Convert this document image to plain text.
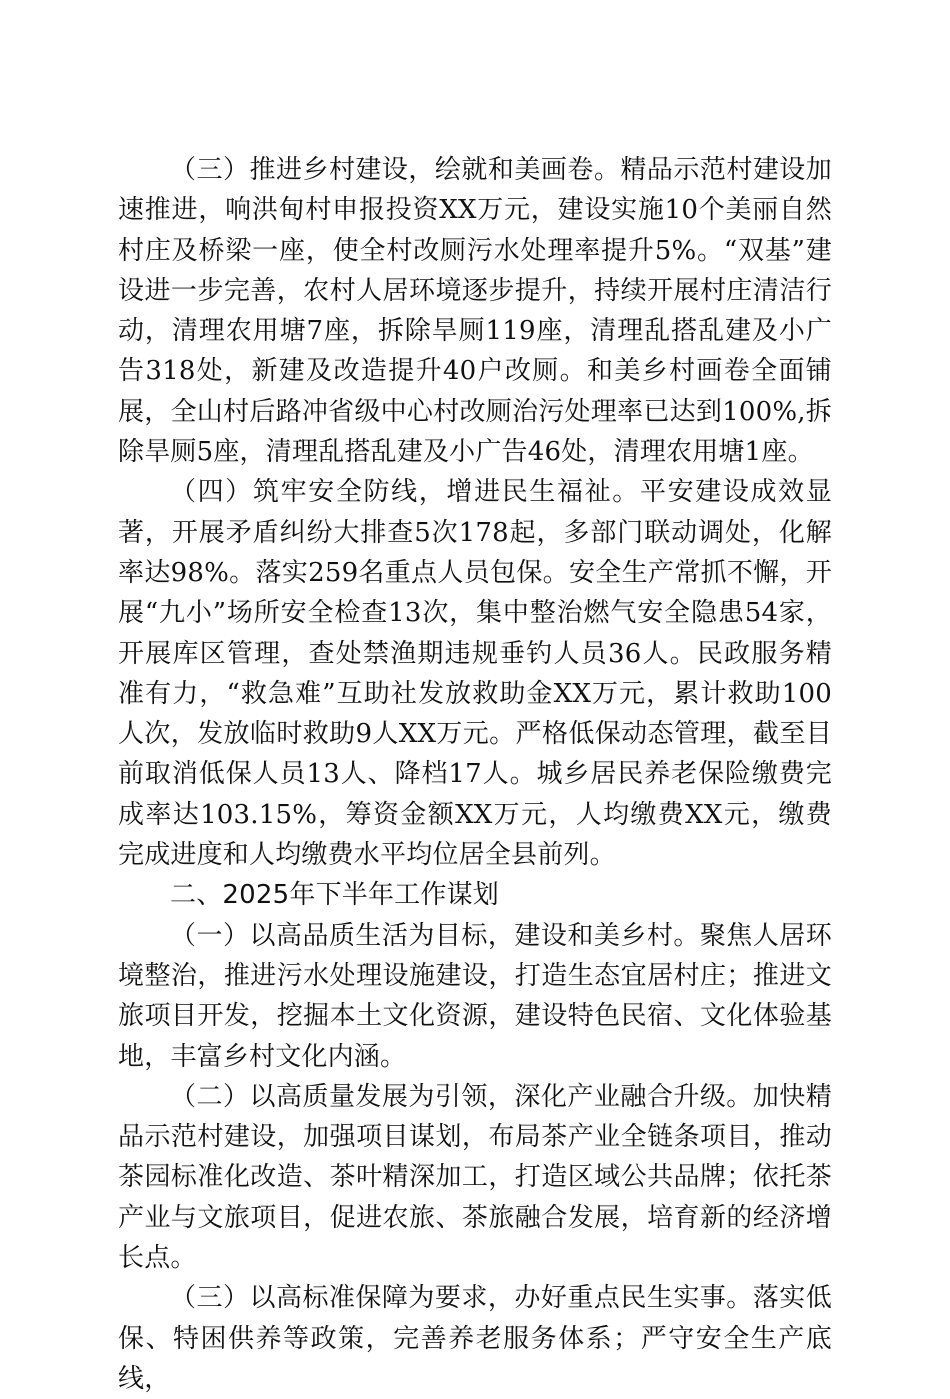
（三）推进乡村建设，绘就和美画卷。精品示范村建设加速推进，响洪甸村申报投资XX万元，建设实施10个美丽自然村庄及桥梁一座，使全村改厕污水处理率提升5%。“双基”建设进一步完善，农村人居环境逐步提升，持续开展村庄清洁行动，清理农用塘7座，拆除旱厕119座，清理乱搭乱建及小广告318处，新建及改造提升40户改厕。和美乡村画卷全面铺展，全山村后路冲省级中心村改厕治污处理率已达到100%,拆除旱厕5座，清理乱搭乱建及小广告46处，清理农用塘1座。

（四）筑牢安全防线，增进民生福祉。平安建设成效显著，开展矛盾纠纷大排查5次178起，多部门联动调处，化解率达98%。落实259名重点人员包保。安全生产常抓不懈，开展“九小”场所安全检查13次，集中整治燃气安全隐患54家，开展库区管理，查处禁渔期违规垂钓人员36人。民政服务精准有力，“救急难”互助社发放救助金XX万元，累计救助100人次，发放临时救助9人XX万元。严格低保动态管理，截至目前取消低保人员13人、降档17人。城乡居民养老保险缴费完成率达103.15%，筹资金额XX万元，人均缴费XX元，缴费完成进度和人均缴费水平均位居全县前列。

二、2025年下半年工作谋划

（一）以高品质生活为目标，建设和美乡村。聚焦人居环境整治，推进污水处理设施建设，打造生态宜居村庄；推进文旅项目开发，挖掘本土文化资源，建设特色民宿、文化体验基地，丰富乡村文化内涵。

（二）以高质量发展为引领，深化产业融合升级。加快精品示范村建设，加强项目谋划，布局茶产业全链条项目，推动茶园标准化改造、茶叶精深加工，打造区域公共品牌；依托茶产业与文旅项目，促进农旅、茶旅融合发展，培育新的经济增长点。

（三）以高标准保障为要求，办好重点民生实事。落实低保、特困供养等政策，完善养老服务体系；严守安全生产底线，
